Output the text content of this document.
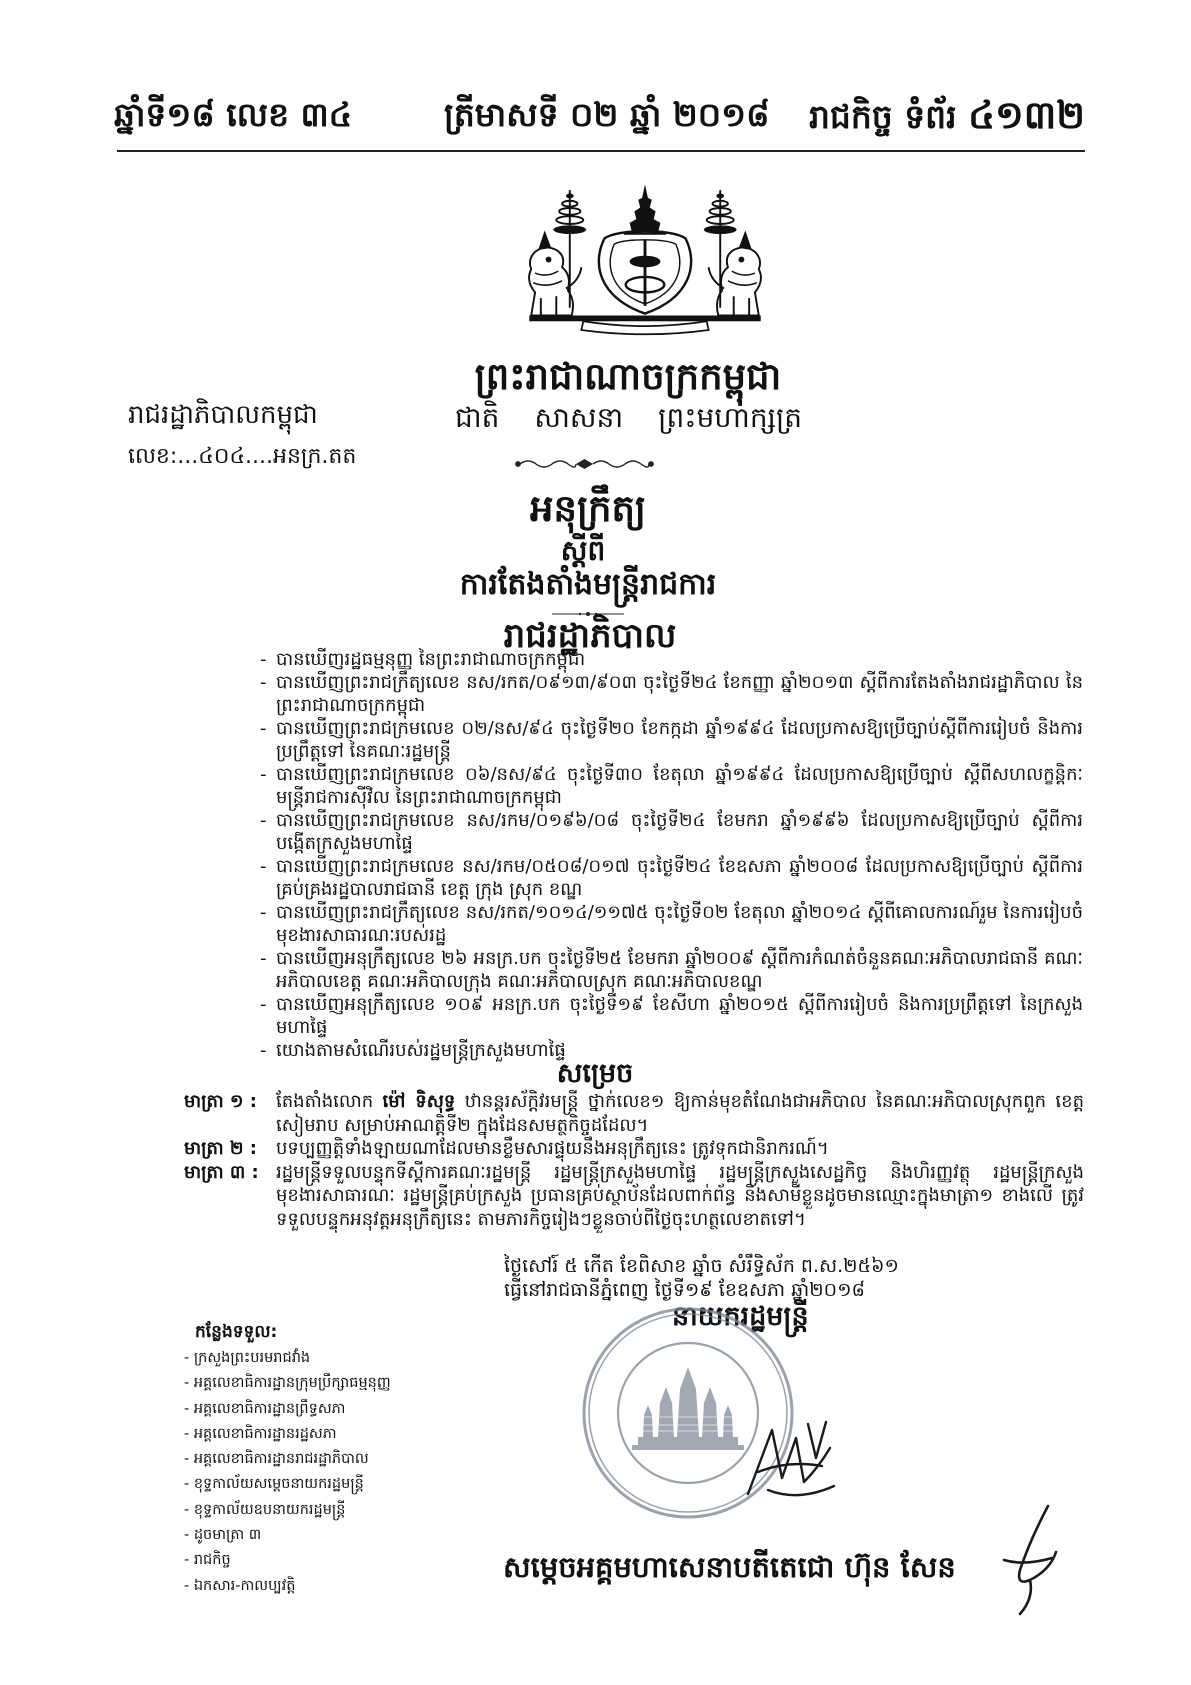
ឆ្នាំទី១៨ លេខ ៣៤	ត្រីមាសទី ០២ ឆ្នាំ ២០១៨ រាជកិច្ច ទំព័រ ៤១៣២
ព្រះរាជាណាចក្រកម្ពុជា
រាជរដ្ឋាភិបាលកម្ពុជា	ជាតិ សាសនា ព្រះមហាក្សត្រ
លេខ:...៤០៤....អនក្រ.តត
អនុក្រឹត្យ
ស្តីពី
ការតែងតាំងមន្ត្រីរាជការ
រាជរដ្ឋាភិបាល
- បានឃើញរដ្ឋធម្មនុញ្ញ នៃព្រះរាជាណាចក្រកម្ពុជា
- បានឃើញព្រះរាជក្រឹត្យលេខ នស/រកត/០៩១៣/៩០៣ ចុះថ្ងៃទី២៤ ខែកញ្ញា ឆ្នាំ២០១៣ ស្តីពីការតែងតាំងរាជរដ្ឋាភិបាល នៃព្រះរាជាណាចក្រកម្ពុជា
- បានឃើញព្រះរាជក្រមលេខ ០២/នស/៩៤ ចុះថ្ងៃទី២០ ខែកក្កដា ឆ្នាំ១៩៩៤ ដែលប្រកាសឱ្យប្រើច្បាប់ស្តីពីការរៀបចំ និងការប្រព្រឹត្តទៅ នៃគណៈរដ្ឋមន្ត្រី
- បានឃើញព្រះរាជក្រមលេខ ០៦/នស/៩៤ ចុះថ្ងៃទី៣០ ខែតុលា ឆ្នាំ១៩៩៤ ដែលប្រកាសឱ្យប្រើច្បាប់ ស្តីពីសហលក្ខន្តិកៈមន្ត្រីរាជការស៊ីវិល នៃព្រះរាជាណាចក្រកម្ពុជា
- បានឃើញព្រះរាជក្រមលេខ នស/រកម/០១៩៦/០៨ ចុះថ្ងៃទី២៤ ខែមករា ឆ្នាំ១៩៩៦ ដែលប្រកាសឱ្យប្រើច្បាប់ ស្តីពីការបង្កើតក្រសួងមហាផ្ទៃ
- បានឃើញព្រះរាជក្រមលេខ នស/រកម/០៥០៨/០១៧ ចុះថ្ងៃទី២៤ ខែឧសភា ឆ្នាំ២០០៨ ដែលប្រកាសឱ្យប្រើច្បាប់ ស្តីពីការគ្រប់គ្រងរដ្ឋបាលរាជធានី ខេត្ត ក្រុង ស្រុក ខណ្ឌ
- បានឃើញព្រះរាជក្រឹត្យលេខ នស/រកត/១០១៤/១១៧៥ ចុះថ្ងៃទី០២ ខែតុលា ឆ្នាំ២០១៤ ស្តីពីគោលការណ៍រួម នៃការរៀបចំមុខងារសាធារណៈរបស់រដ្ឋ
- បានឃើញអនុក្រឹត្យលេខ ២៦ អនក្រ.បក ចុះថ្ងៃទី២៥ ខែមករា ឆ្នាំ២០០៩ ស្តីពីការកំណត់ចំនួនគណៈអភិបាលរាជធានី គណៈអភិបាលខេត្ត គណៈអភិបាលក្រុង គណៈអភិបាលស្រុក គណៈអភិបាលខណ្ឌ
- បានឃើញអនុក្រឹត្យលេខ ១០៩ អនក្រ.បក ចុះថ្ងៃទី១៩ ខែសីហា ឆ្នាំ២០១៥ ស្តីពីការរៀបចំ និងការប្រព្រឹត្តទៅ នៃក្រសួងមហាផ្ទៃ
- យោងតាមសំណើរបស់រដ្ឋមន្ត្រីក្រសួងមហាផ្ទៃ
សម្រេច
មាត្រា ១ :	តែងតាំងលោក ម៉ៅ ទិសុទ្ធ ឋានន្តរស័ក្តិវរមន្ត្រី ថ្នាក់លេខ១ ឱ្យកាន់មុខតំណែងជាអភិបាល នៃគណៈអភិបាលស្រុកពួក ខេត្តសៀមរាប សម្រាប់អាណត្តិទី២ ក្នុងដែនសមត្ថកិច្ចដដែល។
មាត្រា ២ :	បទប្បញ្ញត្តិទាំងឡាយណាដែលមានខ្លឹមសារផ្ទុយនឹងអនុក្រឹត្យនេះ ត្រូវទុកជានិរាករណ៍។
មាត្រា ៣ : រដ្ឋមន្ត្រីទទួលបន្ទុកទីស្តីការគណៈរដ្ឋមន្ត្រី រដ្ឋមន្ត្រីក្រសួងមហាផ្ទៃ រដ្ឋមន្ត្រីក្រសួងសេដ្ឋកិច្ច និងហិរញ្ញវត្ថុ រដ្ឋមន្ត្រីក្រសួងមុខងារសាធារណៈ រដ្ឋមន្ត្រីគ្រប់ក្រសួង ប្រធានគ្រប់ស្ថាប័នដែលពាក់ព័ន្ធ និងសាមីខ្លួនដូចមានឈ្មោះក្នុងមាត្រា១ ខាងលើ ត្រូវទទួលបន្ទុកអនុវត្តអនុក្រឹត្យនេះ តាមភារកិច្ចរៀងៗខ្លួនចាប់ពីថ្ងៃចុះហត្ថលេខាតទៅ។
ថ្ងៃសៅរ៍ ៥ កើត ខែពិសាខ ឆ្នាំច សំរឹទ្ធិស័ក ព.ស.២៥៦១
ធ្វើនៅរាជធានីភ្នំពេញ ថ្ងៃទី១៩ ខែឧសភា ឆ្នាំ២០១៨
នាយករដ្ឋមន្ត្រី
កន្លែងទទួល:
- ក្រសួងព្រះបរមរាជវាំង
- អគ្គលេខាធិការដ្ឋានក្រុមប្រឹក្សាធម្មនុញ្ញ
- អគ្គលេខាធិការដ្ឋានព្រឹទ្ធសភា
- អគ្គលេខាធិការដ្ឋានរដ្ឋសភា
- អគ្គលេខាធិការដ្ឋានរាជរដ្ឋាភិបាល
- ខុទ្ទកាល័យសម្តេចនាយករដ្ឋមន្ត្រី
- ខុទ្ទកាល័យឧបនាយករដ្ឋមន្ត្រី
- ដូចមាត្រា ៣
- រាជកិច្ច
- ឯកសារ-កាលប្បវត្តិ
សម្តេចអគ្គមហាសេនាបតីតេជោ ហ៊ុន សែន
